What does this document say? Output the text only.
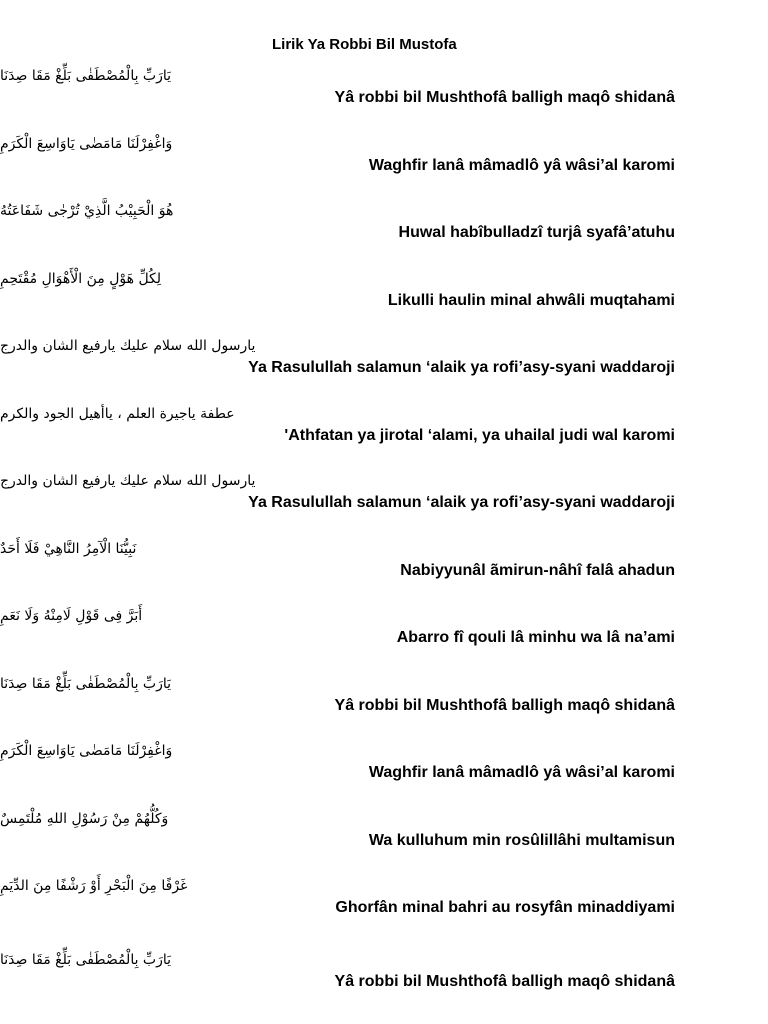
Lirik Ya Robbi Bil Mustofa
يَارَبِّ بِالْمُصْطَفٰى بَلِّغْ مَقَا صِدَنَا
Yâ robbi bil Mushthofâ balligh maqô shidanâ
وَاغْفِرْلَنَا مَامَضٰى يَاوَاسِعَ الْكَرَمِ
Waghfir lanâ mâmadlô yâ wâsi’al karomi
هُوَ الْحَبِيْبُ الَّذِيْ تُرْجٰى شَفَاعَتُهُ
Huwal habîbulladzî turjâ syafâ’atuhu
لِكُلِّ هَوْلٍ مِنَ الْأَهْوَالِ مُقْتَحِمِ
Likulli haulin minal ahwâli muqtahami
يارسول الله سلام عليك يارفيع الشان والدرج
Ya Rasulullah salamun ‘alaik ya rofi’asy-syani waddaroji
عطفة ياجيرة العلم ، ياأهيل الجود والكرم
'Athfatan ya jirotal ‘alami, ya uhailal judi wal karomi
يارسول الله سلام عليك يارفيع الشان والدرج
Ya Rasulullah salamun ‘alaik ya rofi’asy-syani waddaroji
نَبِيُّنَا الْآمِرُ النَّاهِيْ فَلَا أَحَدٌ
Nabiyyunâl ãmirun-nâhî falâ ahadun
أَبَرَّ فِى قَوْلِ لَامِنْهُ وَلَا نَعَمِ
Abarro fî qouli lâ minhu wa lâ na’ami
يَارَبِّ بِالْمُصْطَفٰى بَلِّغْ مَقَا صِدَنَا
Yâ robbi bil Mushthofâ balligh maqô shidanâ
وَاغْفِرْلَنَا مَامَضٰى يَاوَاسِعَ الْكَرَمِ
Waghfir lanâ mâmadlô yâ wâsi’al karomi
وَكُلُّهُمْ مِنْ رَسُوْلِ اللهِ مُلْتَمِسٌ
Wa kulluhum min rosûlillâhi multamisun
غَرْفًا مِنَ الْبَحْرِ أَوْ رَشْفًا مِنَ الدِّيَمِ
Ghorfân minal bahri au rosyfân minaddiyami
يَارَبِّ بِالْمُصْطَفٰى بَلِّغْ مَقَا صِدَنَا
Yâ robbi bil Mushthofâ balligh maqô shidanâ
